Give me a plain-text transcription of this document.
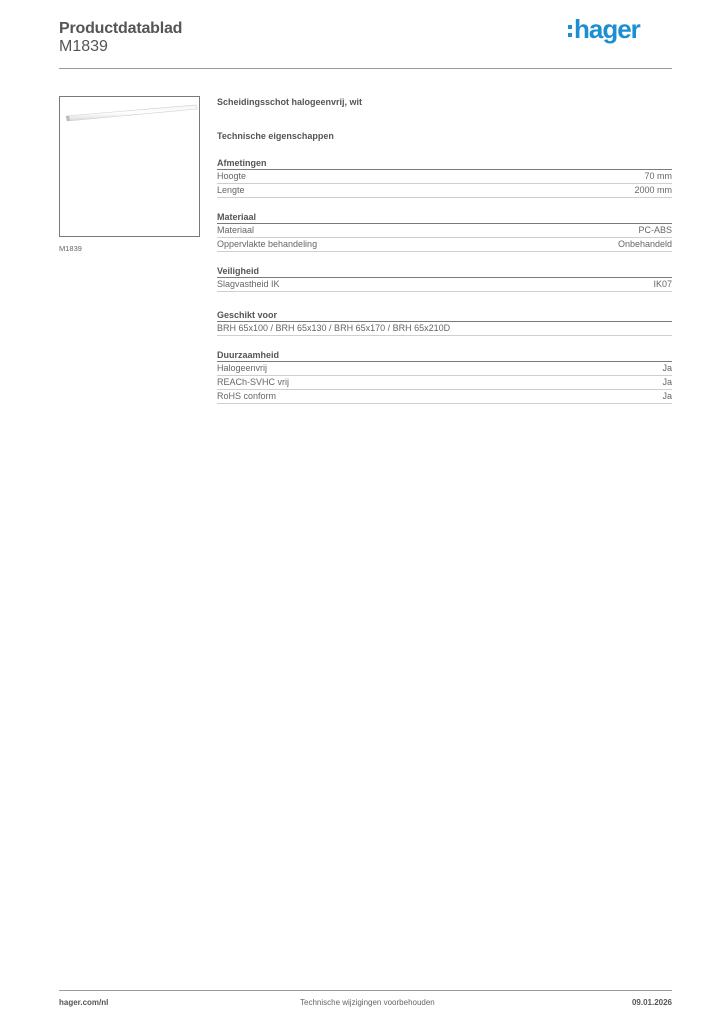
Productdatablad
M1839
hager
M1839
Scheidingsschot halogeenvrij, wit
Technische eigenschappen
Afmetingen
Hoogte	70 mm
Lengte	2000 mm
Materiaal
Materiaal	PC-ABS
Oppervlakte behandeling	Onbehandeld
Veiligheid
Slagvastheid IK	IK07
Geschikt voor
BRH 65x100 / BRH 65x130 / BRH 65x170 / BRH 65x210D
Duurzaamheid
Halogeenvrij	Ja
REACh-SVHC vrij	Ja
RoHS conform	Ja
hager.com/nl	Technische wijzigingen voorbehouden	09.01.2026
